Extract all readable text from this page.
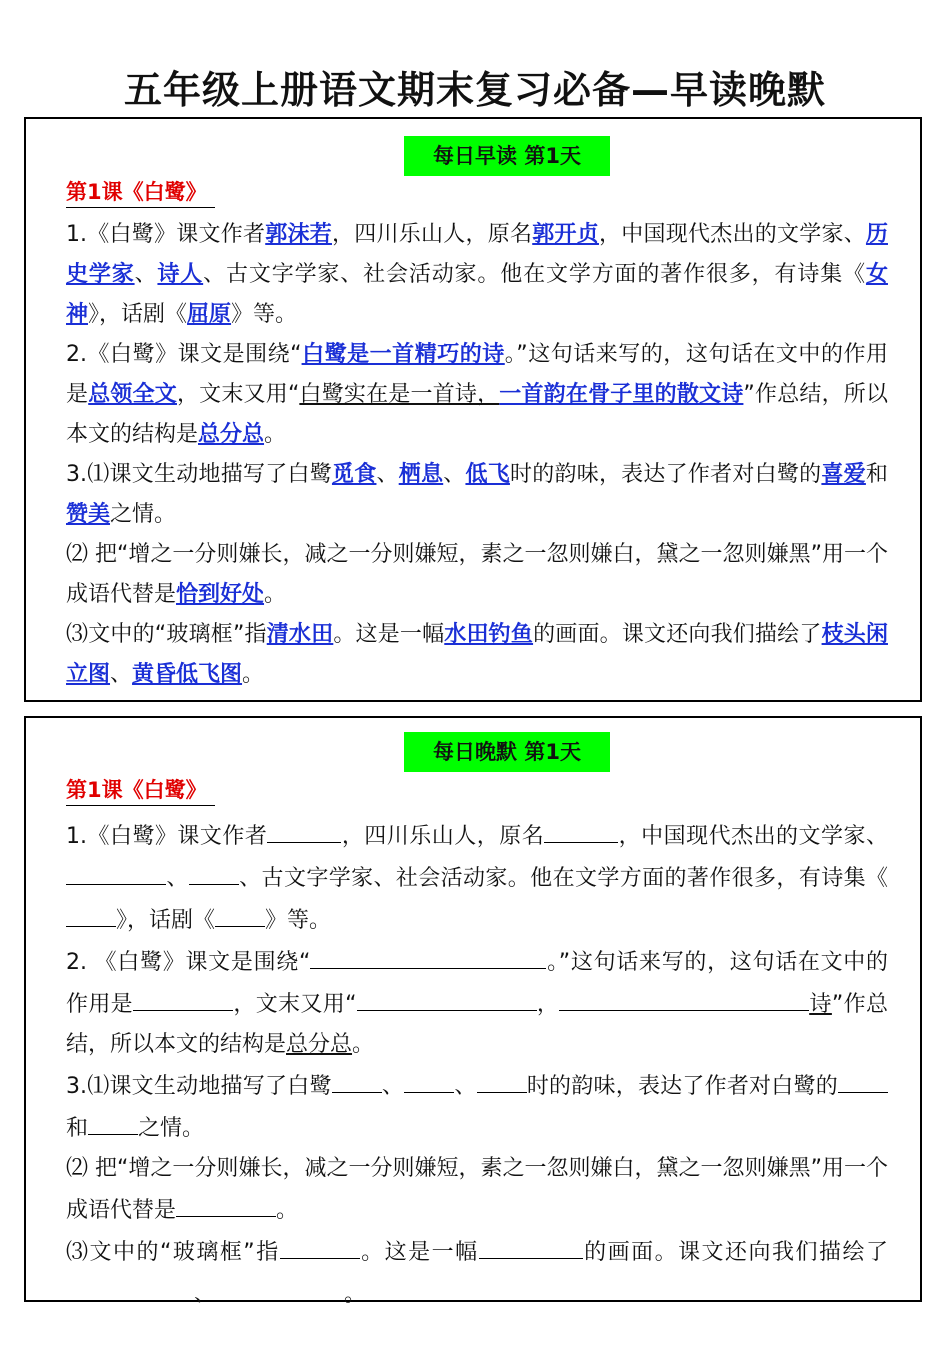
五年级上册语文期末复习必备—早读晚默
每日早读 第1天
第1课《白鹭》

1.《白鹭》课文作者郭沫若，四川乐山人，原名郭开贞，中国现代杰出的文学家、历史学家、诗人、古文字学家、社会活动家。他在文学方面的著作很多，有诗集《女神》，话剧《屈原》等。

2.《白鹭》课文是围绕“白鹭是一首精巧的诗。”这句话来写的，这句话在文中的作用是总领全文，文末又用“白鹭实在是一首诗，一首韵在骨子里的散文诗”作总结，所以本文的结构是总分总。

3.⑴课文生动地描写了白鹭觅食、栖息、低飞时的韵味，表达了作者对白鹭的喜爱和赞美之情。

⑵ 把“增之一分则嫌长，减之一分则嫌短，素之一忽则嫌白，黛之一忽则嫌黑”用一个成语代替是恰到好处。

⑶文中的“玻璃框”指清水田。这是一幅水田钓鱼的画面。课文还向我们描绘了枝头闲立图、黄昏低飞图。

每日晚默 第1天
第1课《白鹭》

1.《白鹭》课文作者	，四川乐山人，原名	，中国现代杰出的文学家、、 、古文字学家、社会活动家。他在文学方面的著作很多，有诗集《》，话剧《 》等。

2. 《白鹭》课文是围绕“	。”这句话来写的，这句话在文中的作用是	，文末又用“	，	诗”作总结，所以本文的结构是总分总。

3.⑴课文生动地描写了白鹭 、 、 时的韵味，表达了作者对白鹭的和 之情。

⑵ 把“增之一分则嫌长，减之一分则嫌短，素之一忽则嫌白，黛之一忽则嫌黑”用一个成语代替是	。

⑶文中的“玻璃框”指	。这是一幅	的画面。课文还向我们描绘了、	。
